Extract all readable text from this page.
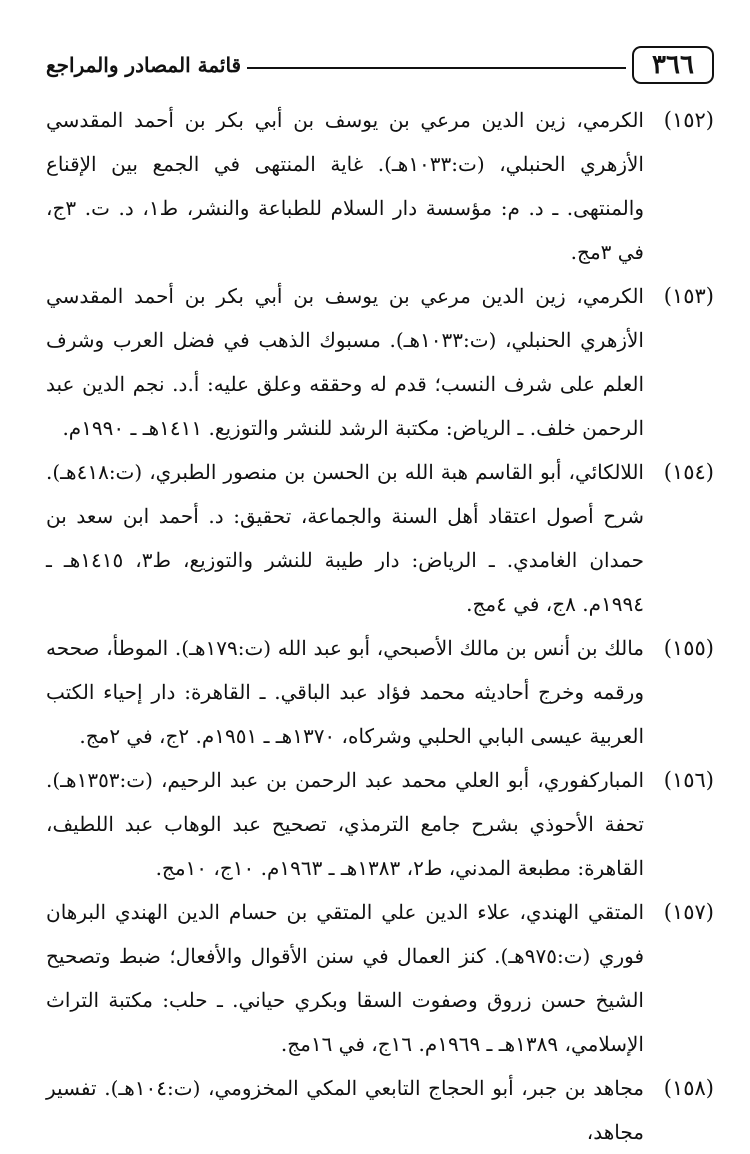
٣٦٦
قائمة المصادر والمراجع
(١٥٢)
الكرمي، زين الدين مرعي بن يوسف بن أبي بكر بن أحمد المقدسي الأزهري الحنبلي، (ت:١٠٣٣هـ). غاية المنتهى في الجمع بين الإقناع والمنتهى. ـ د. م: مؤسسة دار السلام للطباعة والنشر، ط١، د. ت. ٣ج، في ٣مج.
(١٥٣)
الكرمي، زين الدين مرعي بن يوسف بن أبي بكر بن أحمد المقدسي الأزهري الحنبلي، (ت:١٠٣٣هـ). مسبوك الذهب في فضل العرب وشرف العلم على شرف النسب؛ قدم له وحققه وعلق عليه: أ.د. نجم الدين عبد الرحمن خلف. ـ الرياض: مكتبة الرشد للنشر والتوزيع. ١٤١١هـ ـ ١٩٩٠م.
(١٥٤)
اللالكائي، أبو القاسم هبة الله بن الحسن بن منصور الطبري، (ت:٤١٨هـ). شرح أصول اعتقاد أهل السنة والجماعة، تحقيق: د. أحمد ابن سعد بن حمدان الغامدي. ـ الرياض: دار طيبة للنشر والتوزيع، ط٣، ١٤١٥هـ ـ ١٩٩٤م. ٨ج، في ٤مج.
(١٥٥)
مالك بن أنس بن مالك الأصبحي، أبو عبد الله (ت:١٧٩هـ). الموطأ، صححه ورقمه وخرج أحاديثه محمد فؤاد عبد الباقي. ـ القاهرة: دار إحياء الكتب العربية عيسى البابي الحلبي وشركاه، ١٣٧٠هـ ـ ١٩٥١م. ٢ج، في ٢مج.
(١٥٦)
المباركفوري، أبو العلي محمد عبد الرحمن بن عبد الرحيم، (ت:١٣٥٣هـ). تحفة الأحوذي بشرح جامع الترمذي، تصحيح عبد الوهاب عبد اللطيف، القاهرة: مطبعة المدني، ط٢، ١٣٨٣هـ ـ ١٩٦٣م. ١٠ج، ١٠مج.
(١٥٧)
المتقي الهندي، علاء الدين علي المتقي بن حسام الدين الهندي البرهان فوري (ت:٩٧٥هـ). كنز العمال في سنن الأقوال والأفعال؛ ضبط وتصحيح الشيخ حسن زروق وصفوت السقا وبكري حياني. ـ حلب: مكتبة التراث الإسلامي، ١٣٨٩هـ ـ ١٩٦٩م. ١٦ج، في ١٦مج.
(١٥٨)
مجاهد بن جبر، أبو الحجاج التابعي المكي المخزومي، (ت:١٠٤هـ). تفسير مجاهد،
